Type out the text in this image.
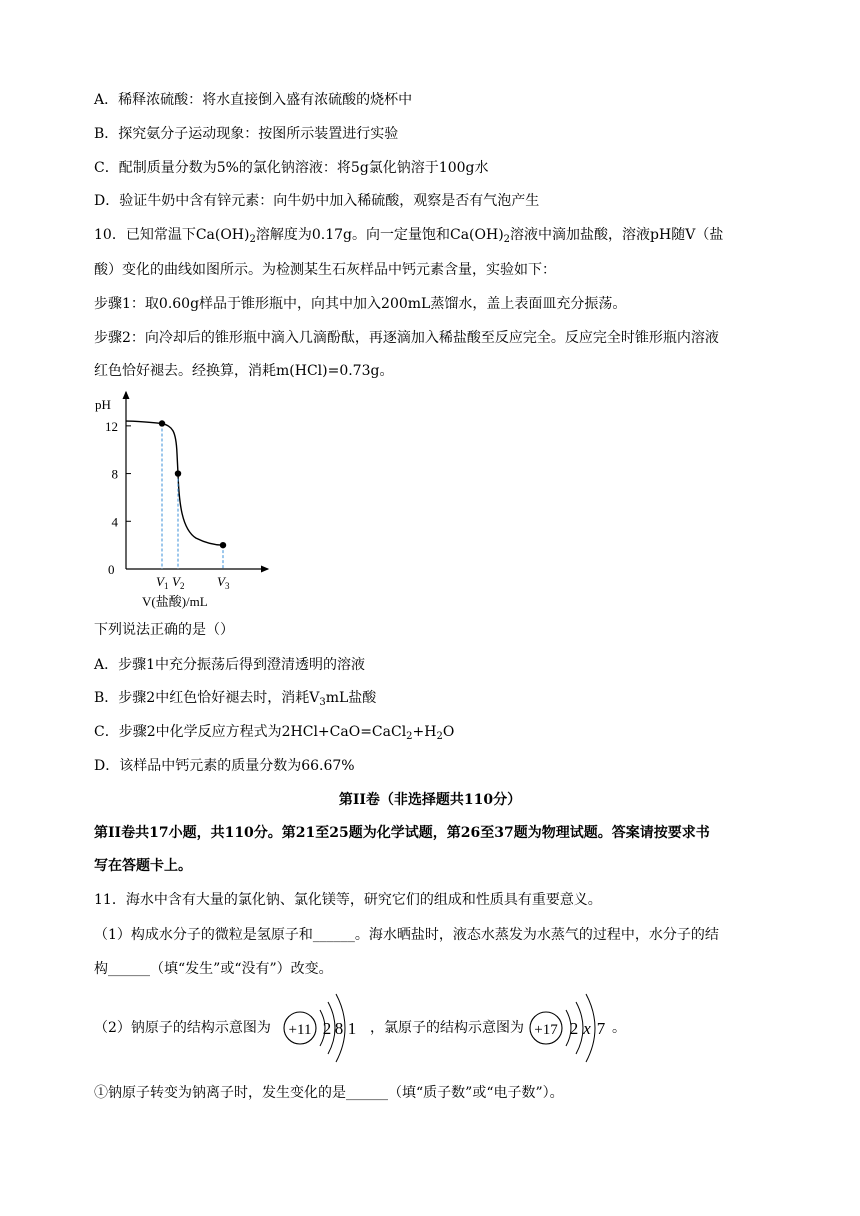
A．稀释浓硫酸：将水直接倒入盛有浓硫酸的烧杯中
B．探究氨分子运动现象：按图所示装置进行实验
C．配制质量分数为5%的氯化钠溶液：将5g氯化钠溶于100g水
D．验证牛奶中含有锌元素：向牛奶中加入稀硫酸，观察是否有气泡产生
10．已知常温下$Ca(OH)_2$溶解度为0.17g。向一定量饱和$Ca(OH)_2$溶液中滴加盐酸，溶液pH随V（盐
酸）变化的曲线如图所示。为检测某生石灰样品中钙元素含量，实验如下：
步骤1：取0.60g样品于锥形瓶中，向其中加入200mL蒸馏水，盖上表面皿充分振荡。
步骤2：向冷却后的锥形瓶中滴入几滴酚酞，再逐滴加入稀盐酸至反应完全。反应完全时锥形瓶内溶液
红色恰好褪去。经换算，消耗m(HCl)=0.73g。
pH
12
8
4
0
$V_1$ $V_2$	$V_3$
V(盐酸)/mL
下列说法正确的是（）
A．步骤1中充分振荡后得到澄清透明的溶液
B．步骤2中红色恰好褪去时，消耗$V_3mL$盐酸
C．步骤2中化学反应方程式为$2HCl+CaO=CaCl_2+H_2O$
D．该样品中钙元素的质量分数为66.67%
第II卷（非选择题共110分）
第II卷共17小题，共110分。第21至25题为化学试题，第26至37题为物理试题。答案请按要求书
写在答题卡上。
11．海水中含有大量的氯化钠、氯化镁等，研究它们的组成和性质具有重要意义。
（1）构成水分子的微粒是氢原子和______。海水晒盐时，液态水蒸发为水蒸气的过程中，水分子的结
构______（填“发生”或“没有”）改变。
（2）钠原子的结构示意图为 +11 2 8 1 ，氯原子的结构示意图为 +17 2 x 7 。
①钠原子转变为钠离子时，发生变化的是______（填“质子数”或“电子数”）。
